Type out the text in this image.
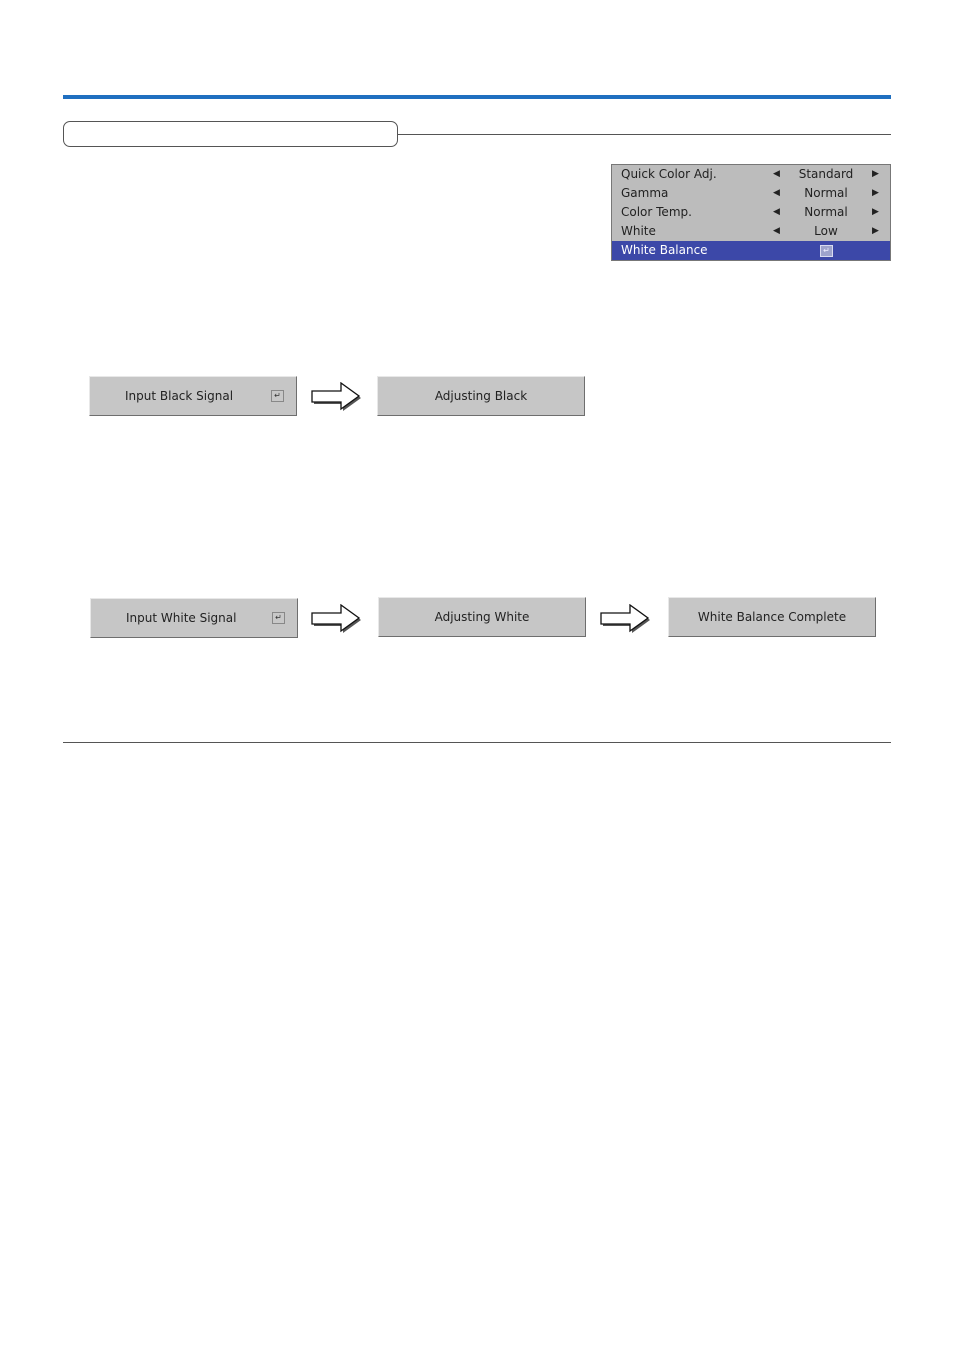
Quick Color Adj.	◀	Standard	▶
Gamma	◀	Normal	▶
Color Temp.	◀	Normal	▶
White	◀	Low	▶
White Balance	↵
Input Black Signal	↵	Adjusting Black
Input White Signal	↵	Adjusting White	White Balance Complete
